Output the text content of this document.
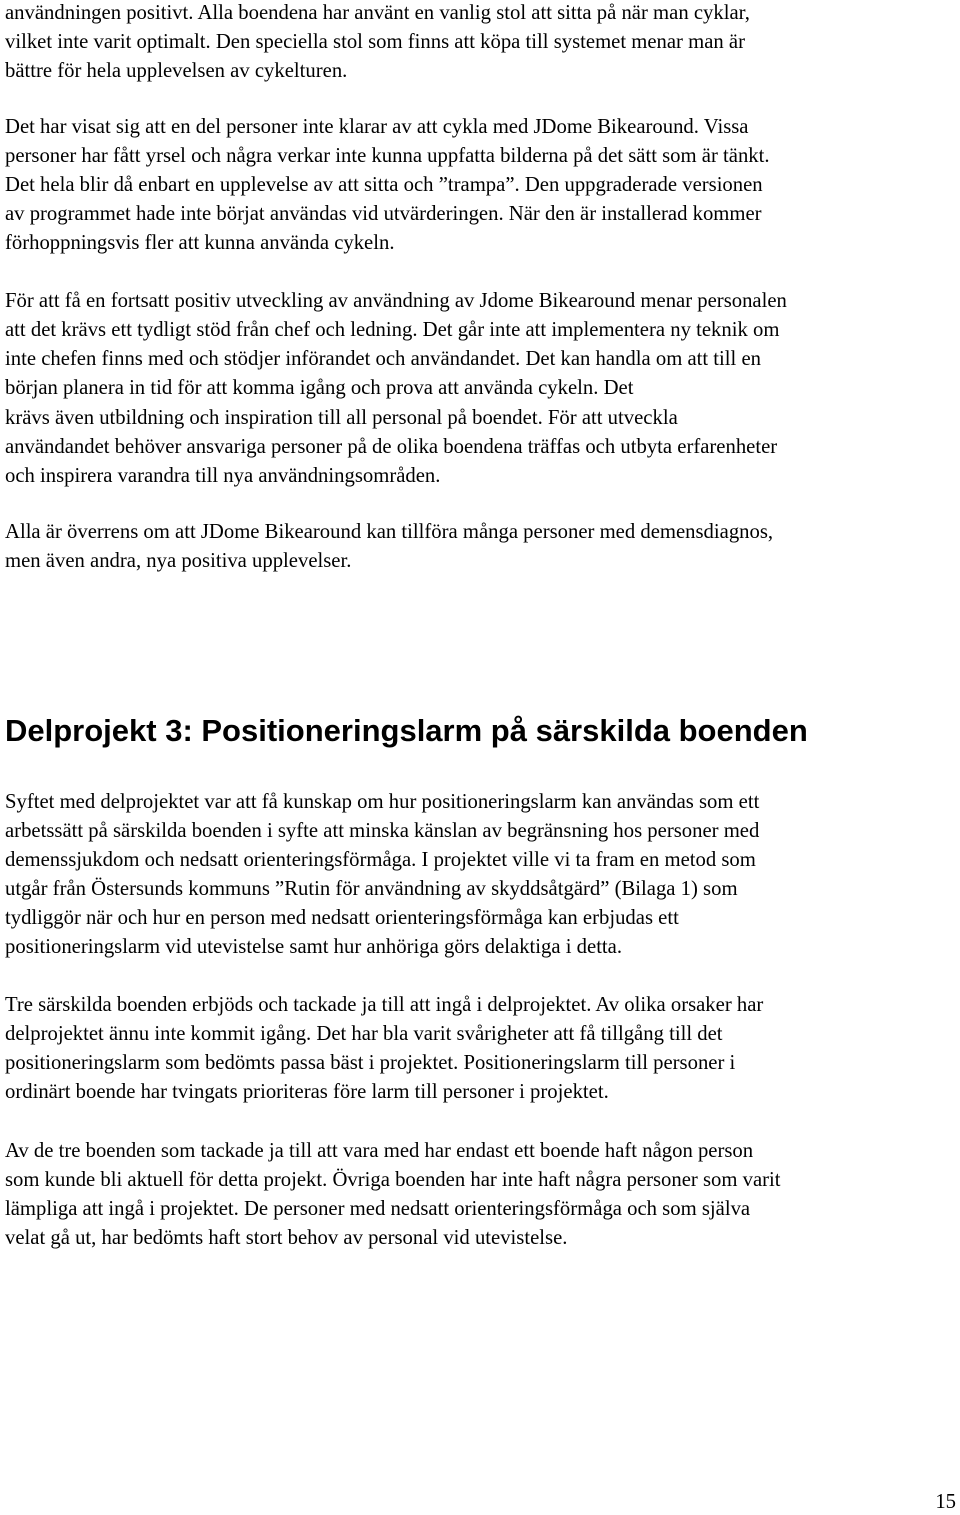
användningen positivt. Alla boendena har använt en vanlig stol att sitta på när man cyklar,

vilket inte varit optimalt. Den speciella stol som finns att köpa till systemet menar man är

bättre för hela upplevelsen av cykelturen.

Det har visat sig att en del personer inte klarar av att cykla med JDome Bikearound. Vissa

personer har fått yrsel och några verkar inte kunna uppfatta bilderna på det sätt som är tänkt.

Det hela blir då enbart en upplevelse av att sitta och ”trampa”. Den uppgraderade versionen

av programmet hade inte börjat användas vid utvärderingen. När den är installerad kommer

förhoppningsvis fler att kunna använda cykeln.

För att få en fortsatt positiv utveckling av användning av Jdome Bikearound menar personalen

att det krävs ett tydligt stöd från chef och ledning. Det går inte att implementera ny teknik om

inte chefen finns med och stödjer införandet och användandet. Det kan handla om att till en

början planera in tid för att komma igång och prova att använda cykeln. Det

krävs även utbildning och inspiration till all personal på boendet. För att utveckla

användandet behöver ansvariga personer på de olika boendena träffas och utbyta erfarenheter

och inspirera varandra till nya användningsområden.

Alla är överrens om att JDome Bikearound kan tillföra många personer med demensdiagnos,

men även andra, nya positiva upplevelser.

Delprojekt 3: Positioneringslarm på särskilda boenden

Syftet med delprojektet var att få kunskap om hur positioneringslarm kan användas som ett

arbetssätt på särskilda boenden i syfte att minska känslan av begränsning hos personer med

demenssjukdom och nedsatt orienteringsförmåga. I projektet ville vi ta fram en metod som

utgår från Östersunds kommuns ”Rutin för användning av skyddsåtgärd” (Bilaga 1) som

tydliggör när och hur en person med nedsatt orienteringsförmåga kan erbjudas ett

positioneringslarm vid utevistelse samt hur anhöriga görs delaktiga i detta.

Tre särskilda boenden erbjöds och tackade ja till att ingå i delprojektet. Av olika orsaker har

delprojektet ännu inte kommit igång. Det har bla varit svårigheter att få tillgång till det

positioneringslarm som bedömts passa bäst i projektet. Positioneringslarm till personer i

ordinärt boende har tvingats prioriteras före larm till personer i projektet.

Av de tre boenden som tackade ja till att vara med har endast ett boende haft någon person

som kunde bli aktuell för detta projekt. Övriga boenden har inte haft några personer som varit

lämpliga att ingå i projektet. De personer med nedsatt orienteringsförmåga och som själva

velat gå ut, har bedömts haft stort behov av personal vid utevistelse.

15
